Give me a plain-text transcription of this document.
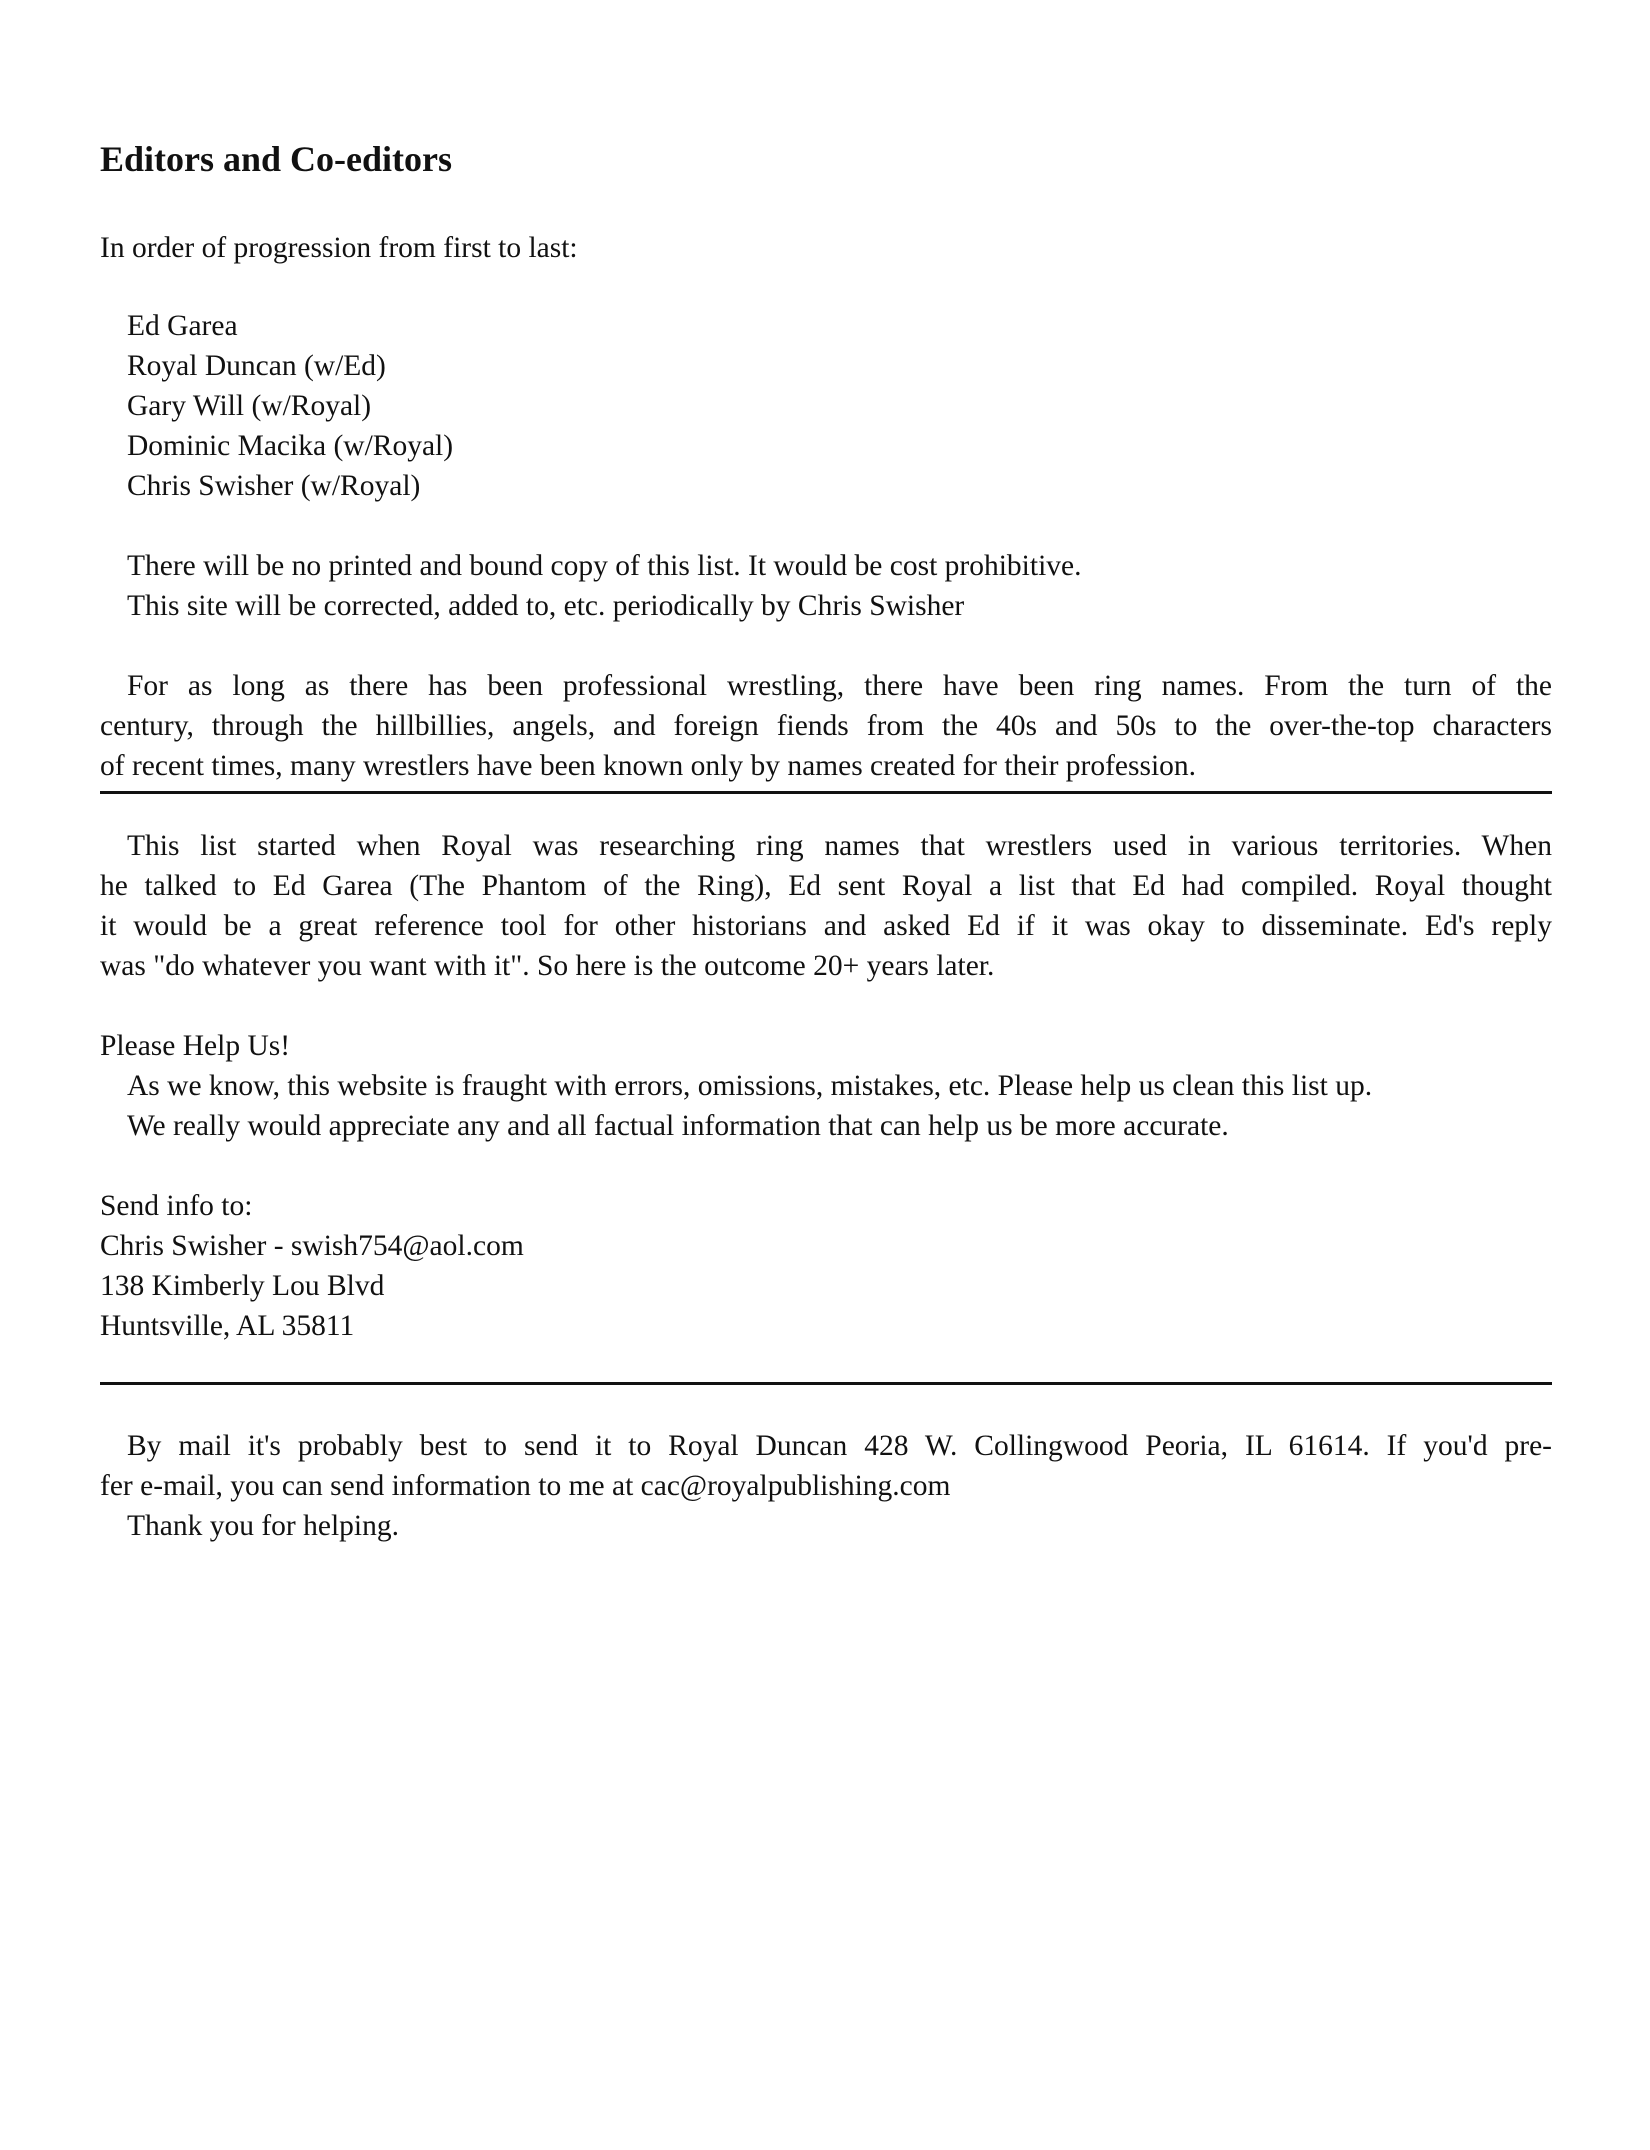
Editors and Co-editors
In order of progression from first to last:
Ed Garea
Royal Duncan (w/Ed)
Gary Will (w/Royal)
Dominic Macika (w/Royal)
Chris Swisher (w/Royal)
There will be no printed and bound copy of this list. It would be cost prohibitive.
This site will be corrected, added to, etc. periodically by Chris Swisher
For as long as there has been professional wrestling, there have been ring names. From the turn of the
century, through the hillbillies, angels, and foreign fiends from the 40s and 50s to the over-the-top characters
of recent times, many wrestlers have been known only by names created for their profession.
This list started when Royal was researching ring names that wrestlers used in various territories. When
he talked to Ed Garea (The Phantom of the Ring), Ed sent Royal a list that Ed had compiled. Royal thought
it would be a great reference tool for other historians and asked Ed if it was okay to disseminate. Ed's reply
was "do whatever you want with it". So here is the outcome 20+ years later.
Please Help Us!
As we know, this website is fraught with errors, omissions, mistakes, etc. Please help us clean this list up.
We really would appreciate any and all factual information that can help us be more accurate.
Send info to:
Chris Swisher - swish754@aol.com
138 Kimberly Lou Blvd
Huntsville, AL 35811
By mail it's probably best to send it to Royal Duncan 428 W. Collingwood Peoria, IL 61614. If you'd pre-
fer e-mail, you can send information to me at cac@royalpublishing.com
Thank you for helping.
